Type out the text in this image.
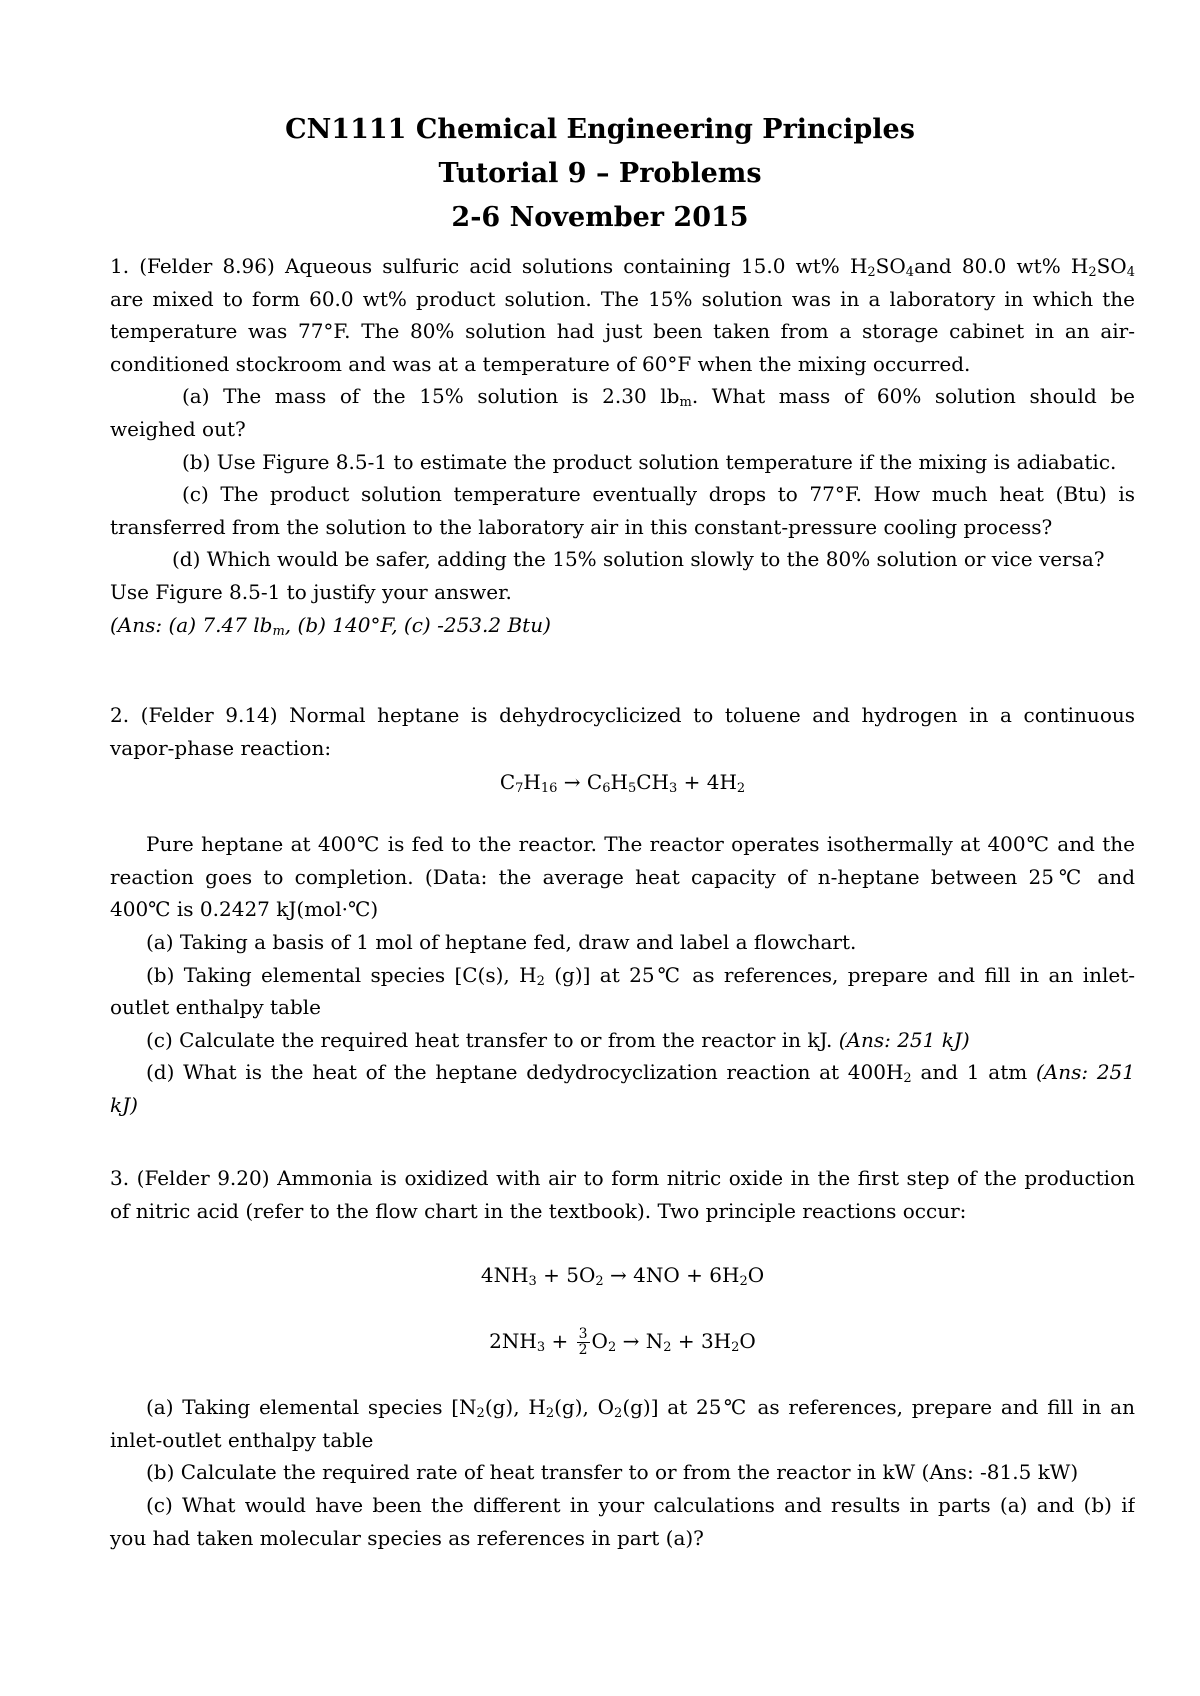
CN1111 Chemical Engineering Principles
Tutorial 9 – Problems
2-6 November 2015
1. (Felder 8.96) Aqueous sulfuric acid solutions containing 15.0 wt% $H_2SO_4and$ 80.0 wt% $H_2SO_4$
are mixed to form 60.0 wt% product solution. The 15% solution was in a laboratory in which the
temperature was 77°F. The 80% solution had just been taken from a storage cabinet in an air-
conditioned stockroom and was at a temperature of 60°F when the mixing occurred.
(a) The mass of the 15% solution is 2.30 $lb_m$. What mass of 60% solution should be
weighed out?
(b) Use Figure 8.5-1 to estimate the product solution temperature if the mixing is adiabatic.
(c) The product solution temperature eventually drops to 77°F. How much heat (Btu) is
transferred from the solution to the laboratory air in this constant-pressure cooling process?
(d) Which would be safer, adding the 15% solution slowly to the 80% solution or vice versa?
Use Figure 8.5-1 to justify your answer.
(Ans: (a) 7.47 $lb_m$, (b) 140°F, (c) -253.2 Btu)
2. (Felder 9.14) Normal heptane is dehydrocyclicized to toluene and hydrogen in a continuous
vapor-phase reaction:
$C_7H_{16} \to C_6H_5CH_3 + 4H_2$
Pure heptane at 400℃ is fed to the reactor. The reactor operates isothermally at 400℃ and the
reaction goes to completion. (Data: the average heat capacity of n-heptane between 25℃ and
400℃ is 0.2427 kJ(mol·℃)
(a) Taking a basis of 1 mol of heptane fed, draw and label a flowchart.
(b) Taking elemental species [C(s), $H_2$ (g)] at 25℃ as references, prepare and fill in an inlet-
outlet enthalpy table
(c) Calculate the required heat transfer to or from the reactor in kJ. (Ans: 251 kJ)
(d) What is the heat of the heptane dedydrocyclization reaction at $400H_2$ and 1 atm (Ans: 251
kJ)
3. (Felder 9.20) Ammonia is oxidized with air to form nitric oxide in the first step of the production
of nitric acid (refer to the flow chart in the textbook). Two principle reactions occur:
$4NH_3 + 5O_2 \to 4NO + 6H_2O$
$2NH_3 + \frac{3}{2} O_2 \to N_2 + 3H_2O$
(a) Taking elemental species [$N_2(g)$, $H_2(g)$, $O_2(g)$] at 25℃ as references, prepare and fill in an
inlet-outlet enthalpy table
(b) Calculate the required rate of heat transfer to or from the reactor in kW (Ans: -81.5 kW)
(c) What would have been the different in your calculations and results in parts (a) and (b) if
you had taken molecular species as references in part (a)?
